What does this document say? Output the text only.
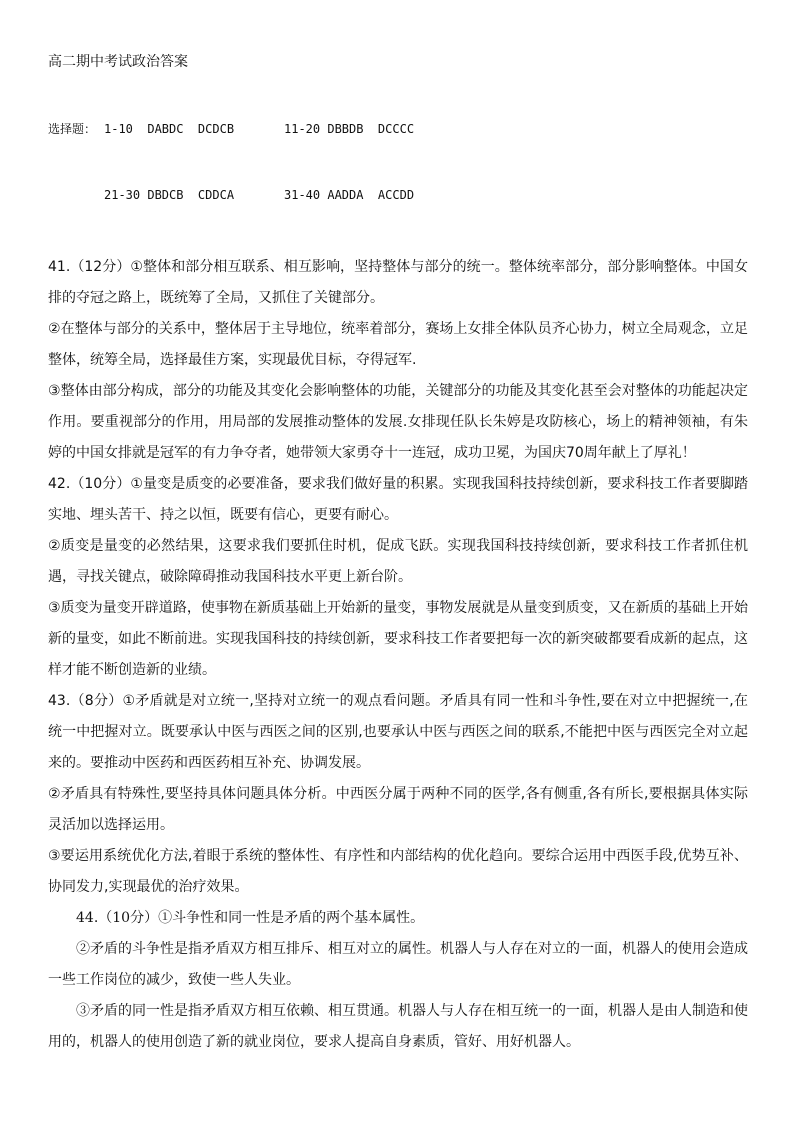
高二期中考试政治答案

选择题： 1-10  DABDC  DCDCB	11-20 DBBDB  DCCCC

21-30 DBDCB  CDDCA	31-40 AADDA  ACCDD

41.（12分）①整体和部分相互联系、相互影响，坚持整体与部分的统一。整体统率部分，部分影响整体。中国女排的夺冠之路上，既统筹了全局，又抓住了关键部分。

②在整体与部分的关系中，整体居于主导地位，统率着部分，赛场上女排全体队员齐心协力，树立全局观念，立足整体，统筹全局，选择最佳方案，实现最优目标，夺得冠军.

③整体由部分构成，部分的功能及其变化会影响整体的功能，关键部分的功能及其变化甚至会对整体的功能起决定作用。要重视部分的作用，用局部的发展推动整体的发展.女排现任队长朱婷是攻防核心，场上的精神领袖，有朱婷的中国女排就是冠军的有力争夺者，她带领大家勇夺十一连冠，成功卫冕，为国庆70周年献上了厚礼！

42.（10分）①量变是质变的必要准备，要求我们做好量的积累。实现我国科技持续创新，要求科技工作者要脚踏实地、埋头苦干、持之以恒，既要有信心，更要有耐心。

②质变是量变的必然结果，这要求我们要抓住时机，促成飞跃。实现我国科技持续创新，要求科技工作者抓住机遇，寻找关键点，破除障碍推动我国科技水平更上新台阶。

③质变为量变开辟道路，使事物在新质基础上开始新的量变，事物发展就是从量变到质变，又在新质的基础上开始新的量变，如此不断前进。实现我国科技的持续创新，要求科技工作者要把每一次的新突破都要看成新的起点，这样才能不断创造新的业绩。

43.（8分）①矛盾就是对立统一,坚持对立统一的观点看问题。矛盾具有同一性和斗争性,要在对立中把握统一,在统一中把握对立。既要承认中医与西医之间的区别,也要承认中医与西医之间的联系,不能把中医与西医完全对立起来的。要推动中医药和西医药相互补充、协调发展。

②矛盾具有特殊性,要坚持具体问题具体分析。中西医分属于两种不同的医学,各有侧重,各有所长,要根据具体实际灵活加以选择运用。

③要运用系统优化方法,着眼于系统的整体性、有序性和内部结构的优化趋向。要综合运用中西医手段,优势互补、协同发力,实现最优的治疗效果。

44.（10分）①斗争性和同一性是矛盾的两个基本属性。

②矛盾的斗争性是指矛盾双方相互排斥、相互对立的属性。机器人与人存在对立的一面，机器人的使用会造成一些工作岗位的减少，致使一些人失业。

③矛盾的同一性是指矛盾双方相互依赖、相互贯通。机器人与人存在相互统一的一面，机器人是由人制造和使用的，机器人的使用创造了新的就业岗位，要求人提高自身素质，管好、用好机器人。
